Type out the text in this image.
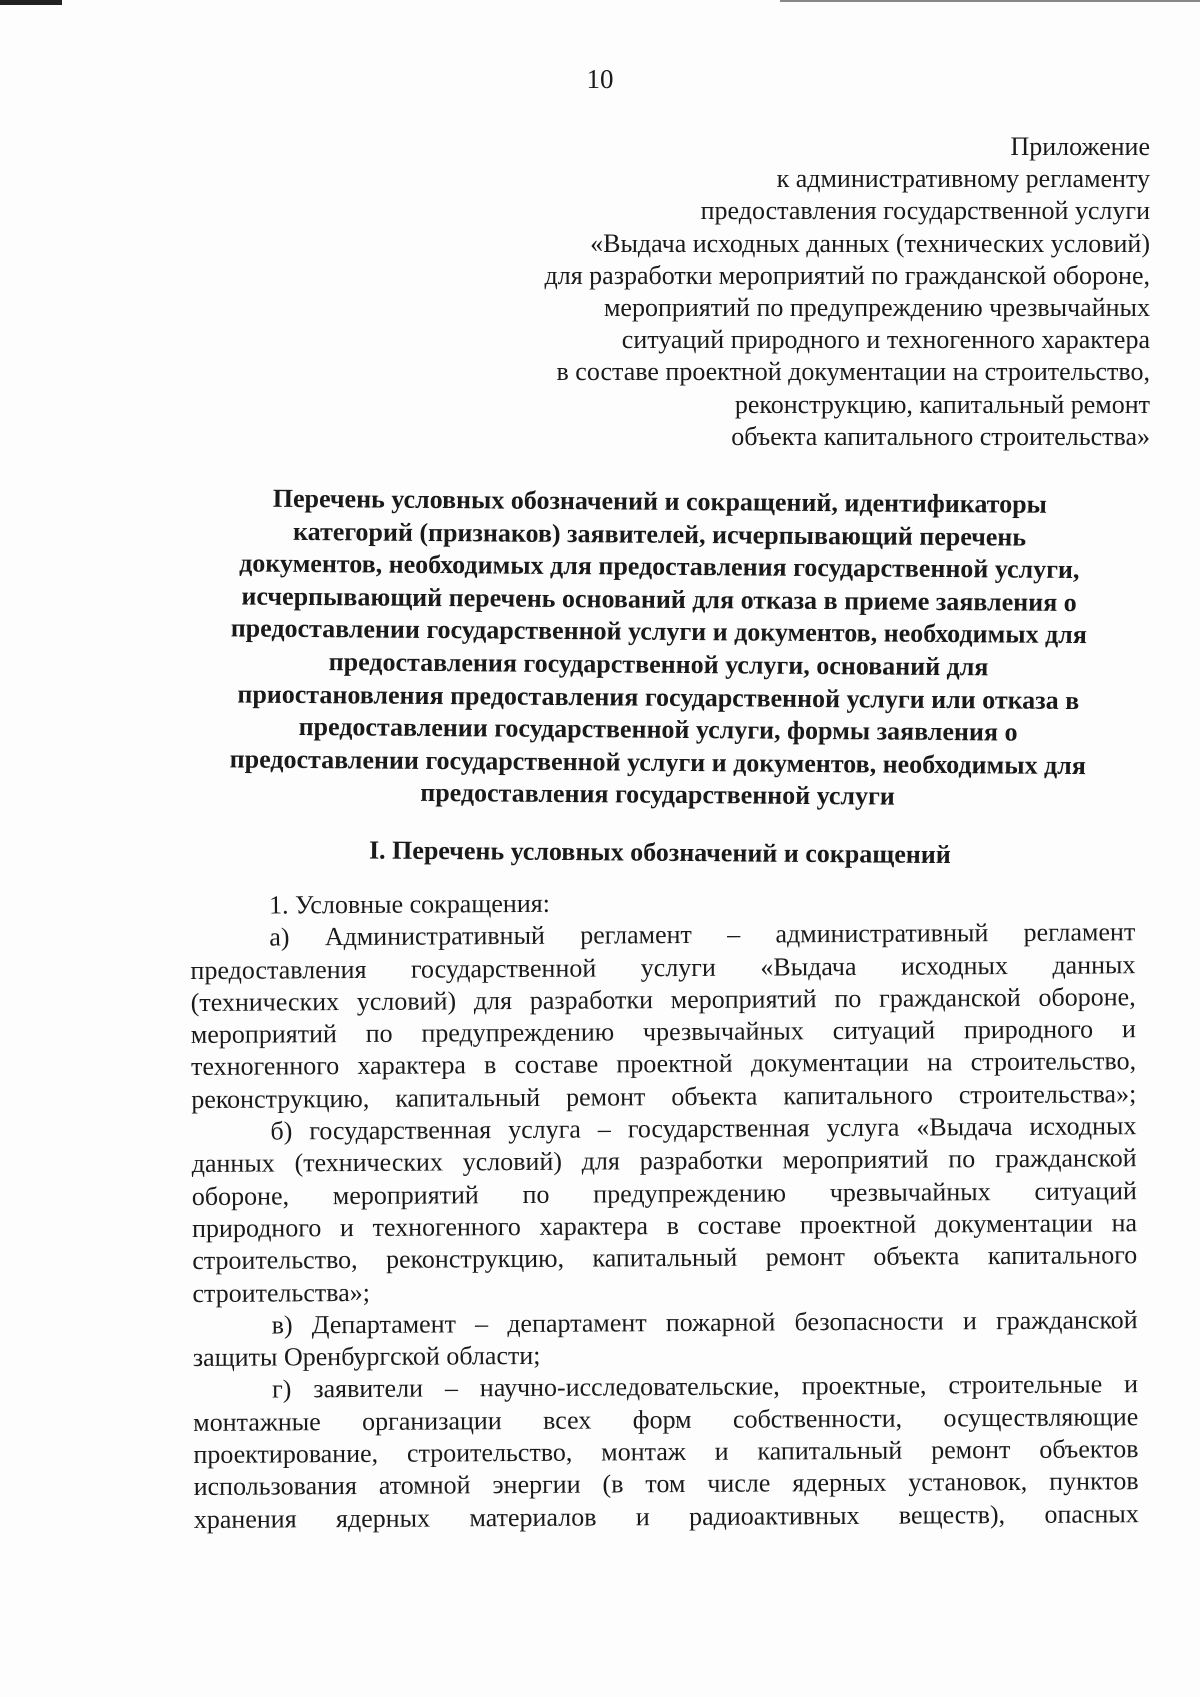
10
Приложение
к административному регламенту
предоставления государственной услуги
«Выдача исходных данных (технических условий)
для разработки мероприятий по гражданской обороне,
мероприятий по предупреждению чрезвычайных
ситуаций природного и техногенного характера
в составе проектной документации на строительство,
реконструкцию, капитальный ремонт
объекта капитального строительства»
Перечень условных обозначений и сокращений, идентификаторы
категорий (признаков) заявителей, исчерпывающий перечень
документов, необходимых для предоставления государственной услуги,
исчерпывающий перечень оснований для отказа в приеме заявления о
предоставлении государственной услуги и документов, необходимых для
предоставления государственной услуги, оснований для
приостановления предоставления государственной услуги или отказа в
предоставлении государственной услуги, формы заявления о
предоставлении государственной услуги и документов, необходимых для
предоставления государственной услуги
I. Перечень условных обозначений и сокращений
1. Условные сокращения:
а) Административный регламент – административный регламент
предоставления государственной услуги «Выдача исходных данных
(технических условий) для разработки мероприятий по гражданской обороне,
мероприятий по предупреждению чрезвычайных ситуаций природного и
техногенного характера в составе проектной документации на строительство,
реконструкцию, капитальный ремонт объекта капитального строительства»;
б) государственная услуга – государственная услуга «Выдача исходных
данных (технических условий) для разработки мероприятий по гражданской
обороне, мероприятий по предупреждению чрезвычайных ситуаций
природного и техногенного характера в составе проектной документации на
строительство, реконструкцию, капитальный ремонт объекта капитального
строительства»;
в) Департамент – департамент пожарной безопасности и гражданской
защиты Оренбургской области;
г) заявители – научно-исследовательские, проектные, строительные и
монтажные организации всех форм собственности, осуществляющие
проектирование, строительство, монтаж и капитальный ремонт объектов
использования атомной энергии (в том числе ядерных установок, пунктов
хранения ядерных материалов и радиоактивных веществ), опасных
